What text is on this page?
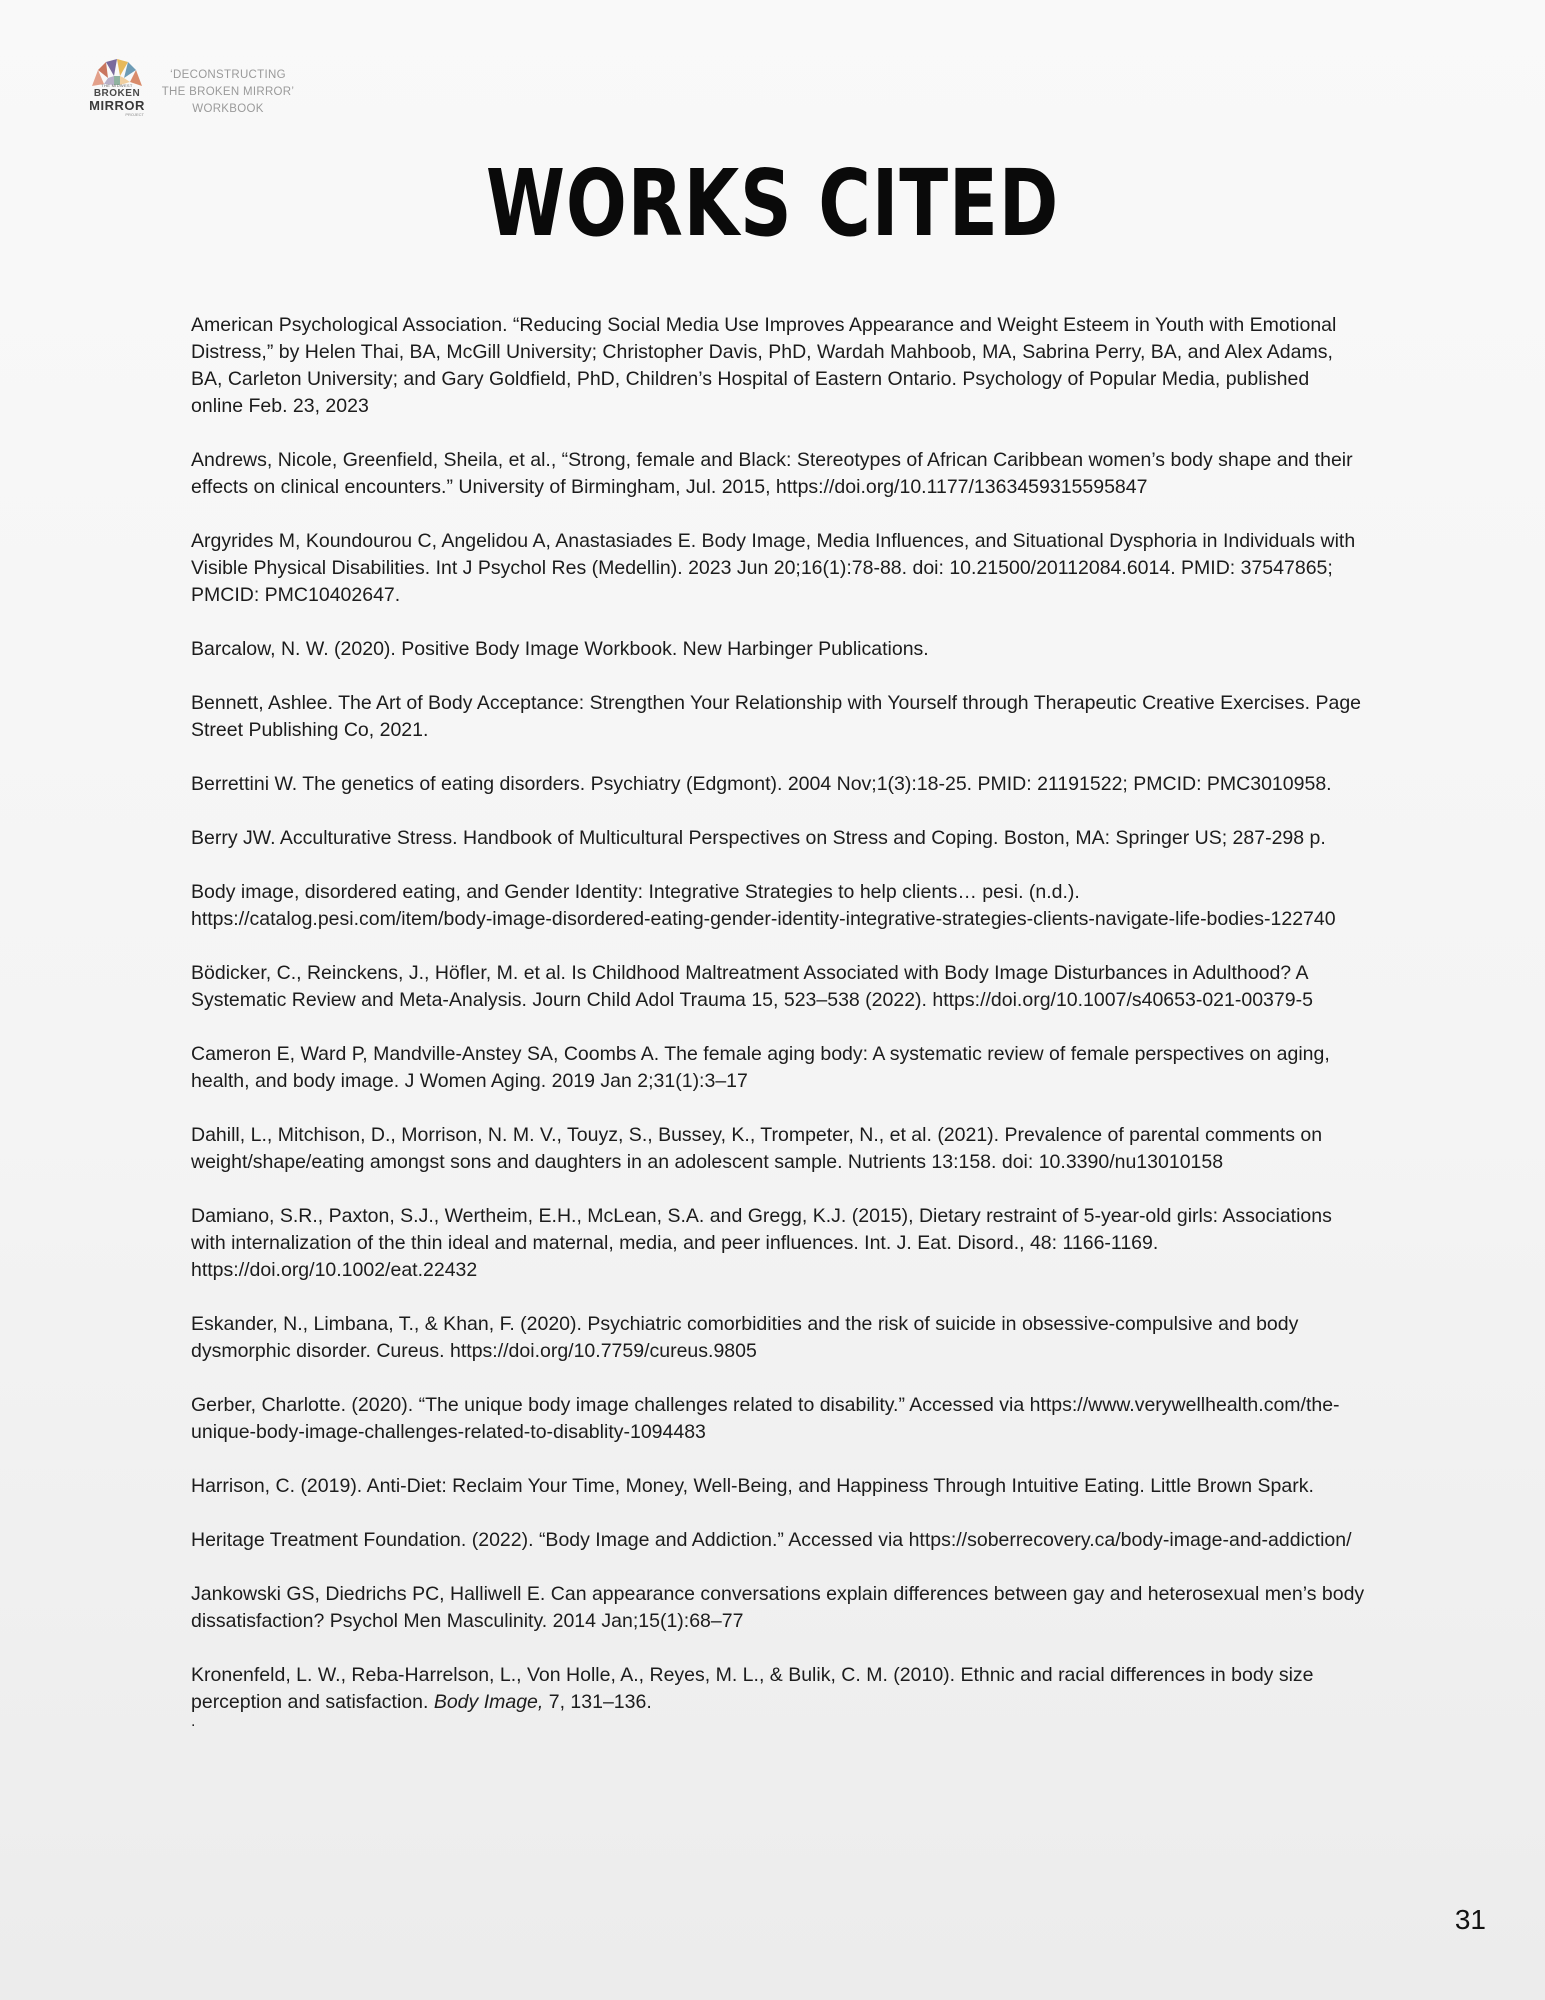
THE MIDWEST
BROKEN
MIRROR
PROJECT
‘DECONSTRUCTING
THE BROKEN MIRROR’
WORKBOOK
WORKS CITED

American Psychological Association. “Reducing Social Media Use Improves Appearance and Weight Esteem in Youth with Emotional Distress,” by Helen Thai, BA, McGill University; Christopher Davis, PhD, Wardah Mahboob, MA, Sabrina Perry, BA, and Alex Adams, BA, Carleton University; and Gary Goldfield, PhD, Children’s Hospital of Eastern Ontario. Psychology of Popular Media, published online Feb. 23, 2023

Andrews, Nicole, Greenfield, Sheila, et al., “Strong, female and Black: Stereotypes of African Caribbean women’s body shape and their effects on clinical encounters.” University of Birmingham, Jul. 2015, https://doi.org/10.1177/1363459315595847

Argyrides M, Koundourou C, Angelidou A, Anastasiades E. Body Image, Media Influences, and Situational Dysphoria in Individuals with Visible Physical Disabilities. Int J Psychol Res (Medellin). 2023 Jun 20;16(1):78-88. doi: 10.21500/20112084.6014. PMID: 37547865; PMCID: PMC10402647.

Barcalow, N. W. (2020). Positive Body Image Workbook. New Harbinger Publications.

Bennett, Ashlee. The Art of Body Acceptance: Strengthen Your Relationship with Yourself through Therapeutic Creative Exercises. Page Street Publishing Co, 2021.

Berrettini W. The genetics of eating disorders. Psychiatry (Edgmont). 2004 Nov;1(3):18-25. PMID: 21191522; PMCID: PMC3010958.

Berry JW. Acculturative Stress. Handbook of Multicultural Perspectives on Stress and Coping. Boston, MA: Springer US; 287-298 p.

Body image, disordered eating, and Gender Identity: Integrative Strategies to help clients… pesi. (n.d.). https://catalog.pesi.com/item/body-image-disordered-eating-gender-identity-integrative-strategies-clients-navigate-life-bodies-122740

Bödicker, C., Reinckens, J., Höfler, M. et al. Is Childhood Maltreatment Associated with Body Image Disturbances in Adulthood? A Systematic Review and Meta-Analysis. Journ Child Adol Trauma 15, 523–538 (2022). https://doi.org/10.1007/s40653-021-00379-5

Cameron E, Ward P, Mandville-Anstey SA, Coombs A. The female aging body: A systematic review of female perspectives on aging, health, and body image. J Women Aging. 2019 Jan 2;31(1):3–17

Dahill, L., Mitchison, D., Morrison, N. M. V., Touyz, S., Bussey, K., Trompeter, N., et al. (2021). Prevalence of parental comments on weight/shape/eating amongst sons and daughters in an adolescent sample. Nutrients 13:158. doi: 10.3390/nu13010158

Damiano, S.R., Paxton, S.J., Wertheim, E.H., McLean, S.A. and Gregg, K.J. (2015), Dietary restraint of 5-year-old girls: Associations with internalization of the thin ideal and maternal, media, and peer influences. Int. J. Eat. Disord., 48: 1166-1169. https://doi.org/10.1002/eat.22432

Eskander, N., Limbana, T., & Khan, F. (2020). Psychiatric comorbidities and the risk of suicide in obsessive-compulsive and body dysmorphic disorder. Cureus. https://doi.org/10.7759/cureus.9805

Gerber, Charlotte. (2020). “The unique body image challenges related to disability.” Accessed via https://www.verywellhealth.com/the-unique-body-image-challenges-related-to-disablity-1094483

Harrison, C. (2019). Anti-Diet: Reclaim Your Time, Money, Well-Being, and Happiness Through Intuitive Eating. Little Brown Spark.

Heritage Treatment Foundation. (2022). “Body Image and Addiction.” Accessed via https://soberrecovery.ca/body-image-and-addiction/

Jankowski GS, Diedrichs PC, Halliwell E. Can appearance conversations explain differences between gay and heterosexual men’s body dissatisfaction? Psychol Men Masculinity. 2014 Jan;15(1):68–77

Kronenfeld, L. W., Reba-Harrelson, L., Von Holle, A., Reyes, M. L., & Bulik, C. M. (2010). Ethnic and racial differences in body size perception and satisfaction. Body Image, 7, 131–136.

.
31
